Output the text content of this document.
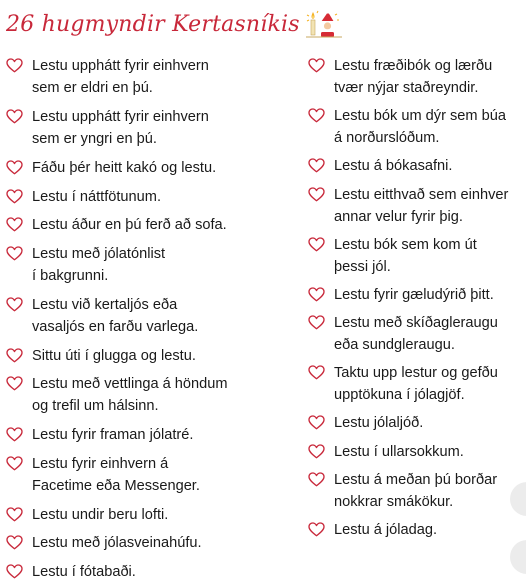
26 hugmyndir Kertasníkis
Lestu upphátt fyrir einhvern
sem er eldri en þú.
Lestu upphátt fyrir einhvern
sem er yngri en þú.
Fáðu þér heitt kakó og lestu.
Lestu í náttfötunum.
Lestu áður en þú ferð að sofa.
Lestu með jólatónlist
í bakgrunni.
Lestu við kertaljós eða
vasaljós en farðu varlega.
Sittu úti í glugga og lestu.
Lestu með vettlinga á höndum
og trefil um hálsinn.
Lestu fyrir framan jólatré.
Lestu fyrir einhvern á
Facetime eða Messenger.
Lestu undir beru lofti.
Lestu með jólasveinahúfu.
Lestu í fótabaði.
Lestu fræðibók og lærðu
tvær nýjar staðreyndir.
Lestu bók um dýr sem búa
á norðurslóðum.
Lestu á bókasafni.
Lestu eitthvað sem einhver
annar velur fyrir þig.
Lestu bók sem kom út
þessi jól.
Lestu fyrir gæludýrið þitt.
Lestu með skíðagleraugu
eða sundgleraugu.
Taktu upp lestur og gefðu
upptökuna í jólagjöf.
Lestu jólaljóð.
Lestu í ullarsokkum.
Lestu á meðan þú borðar
nokkrar smákökur.
Lestu á jóladag.
